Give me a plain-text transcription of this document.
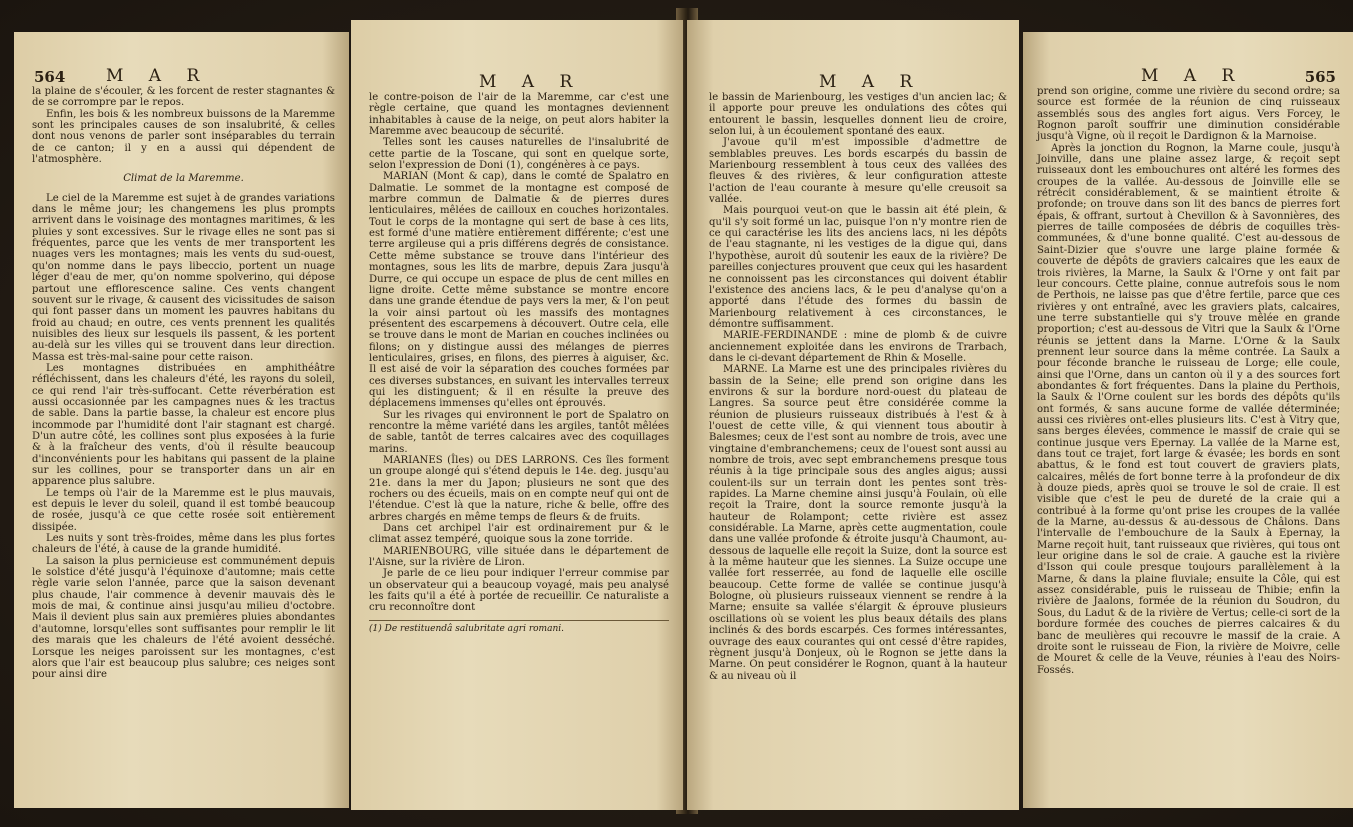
564 M A R

la plaine de s'écouler, & les forcent de rester stagnantes & de se corrompre par le repos.

Enfin, les bois & les nombreux buissons de la Maremme sont les principales causes de son insalubrité, & celles dont nous venons de parler sont inséparables du terrain de ce canton; il y en a aussi qui dépendent de l'atmosphère.

Climat de la Maremme.

Le ciel de la Maremme est sujet à de grandes variations dans le même jour; les changemens les plus prompts arrivent dans le voisinage des montagnes maritimes, & les pluies y sont excessives. Sur le rivage elles ne sont pas si fréquentes, parce que les vents de mer transportent les nuages vers les montagnes; mais les vents du sud-ouest, qu'on nomme dans le pays libeccio, portent un nuage léger d'eau de mer, qu'on nomme spolverino, qui dépose partout une efflorescence saline. Ces vents changent souvent sur le rivage, & causent des vicissitudes de saison qui font passer dans un moment les pauvres habitans du froid au chaud; en outre, ces vents prennent les qualités nuisibles des lieux sur lesquels ils passent, & les portent au-delà sur les villes qui se trouvent dans leur direction. Massa est très-mal-saine pour cette raison.

Les montagnes distribuées en amphithéâtre réfléchissent, dans les chaleurs d'été, les rayons du soleil, ce qui rend l'air très-suffocant. Cette réverbération est aussi occasionnée par les campagnes nues & les tractus de sable. Dans la partie basse, la chaleur est encore plus incommode par l'humidité dont l'air stagnant est chargé. D'un autre côté, les collines sont plus exposées à la furie & à la fraîcheur des vents, d'où il résulte beaucoup d'inconvénients pour les habitans qui passent de la plaine sur les collines, pour se transporter dans un air en apparence plus salubre.

Le temps où l'air de la Maremme est le plus mauvais, est depuis le lever du soleil, quand il est tombé beaucoup de rosée, jusqu'à ce que cette rosée soit entièrement dissipée.

Les nuits y sont très-froides, même dans les plus fortes chaleurs de l'été, à cause de la grande humidité.

La saison la plus pernicieuse est communément depuis le solstice d'été jusqu'à l'équinoxe d'automne; mais cette règle varie selon l'année, parce que la saison devenant plus chaude, l'air commence à devenir mauvais dès le mois de mai, & continue ainsi jusqu'au milieu d'octobre. Mais il devient plus sain aux premières pluies abondantes d'automne, lorsqu'elles sont suffisantes pour remplir le lit des marais que les chaleurs de l'été avoient desséché. Lorsque les neiges paroissent sur les montagnes, c'est alors que l'air est beaucoup plus salubre; ces neiges sont pour ainsi dire

M A R

le contre-poison de l'air de la Maremme, car c'est une règle certaine, que quand les montagnes deviennent inhabitables à cause de la neige, on peut alors habiter la Maremme avec beaucoup de sécurité.

Telles sont les causes naturelles de l'insalubrité de cette partie de la Toscane, qui sont en quelque sorte, selon l'expression de Doni (1), congénères à ce pays.

MARIAN (Mont & cap), dans le comté de Spalatro en Dalmatie. Le sommet de la montagne est composé de marbre commun de Dalmatie & de pierres dures lenticulaires, mêlées de cailloux en couches horizontales. Tout le corps de la montagne qui sert de base à ces lits, est formé d'une matière entièrement différente; c'est une terre argileuse qui a pris différens degrés de consistance. Cette même substance se trouve dans l'intérieur des montagnes, sous les lits de marbre, depuis Zara jusqu'à Durre, ce qui occupe un espace de plus de cent milles en ligne droite. Cette même substance se montre encore dans une grande étendue de pays vers la mer, & l'on peut la voir ainsi partout où les massifs des montagnes présentent des escarpemens à découvert. Outre cela, elle se trouve dans le mont de Marian en couches inclinées ou filons; on y distingue aussi des mélanges de pierres lenticulaires, grises, en filons, des pierres à aiguiser, &c. Il est aisé de voir la séparation des couches formées par ces diverses substances, en suivant les intervalles terreux qui les distinguent; & il en résulte la preuve des déplacemens immenses qu'elles ont éprouvés.

Sur les rivages qui environnent le port de Spalatro on rencontre la même variété dans les argiles, tantôt mêlées de sable, tantôt de terres calcaires avec des coquillages marins.

MARIANES (Îles) ou DES LARRONS. Ces îles forment un groupe alongé qui s'étend depuis le 14e. deg. jusqu'au 21e. dans la mer du Japon; plusieurs ne sont que des rochers ou des écueils, mais on en compte neuf qui ont de l'étendue. C'est là que la nature, riche & belle, offre des arbres chargés en même temps de fleurs & de fruits.

Dans cet archipel l'air est ordinairement pur & le climat assez tempéré, quoique sous la zone torride.

MARIENBOURG, ville située dans le département de l'Aisne, sur la rivière de Liron.

Je parle de ce lieu pour indiquer l'erreur commise par un observateur qui a beaucoup voyagé, mais peu analysé les faits qu'il a été à portée de recueillir. Ce naturaliste a cru reconnoître dont

(1) De restituendâ salubritate agri romani.
M A R

le bassin de Marienbourg, les vestiges d'un ancien lac; & il apporte pour preuve les ondulations des côtes qui entourent le bassin, lesquelles donnent lieu de croire, selon lui, à un écoulement spontané des eaux.

J'avoue qu'il m'est impossible d'admettre de semblables preuves. Les bords escarpés du bassin de Marienbourg ressemblent à tous ceux des vallées des fleuves & des rivières, & leur configuration atteste l'action de l'eau courante à mesure qu'elle creusoit sa vallée.

Mais pourquoi veut-on que le bassin ait été plein, & qu'il s'y soit formé un lac, puisque l'on n'y montre rien de ce qui caractérise les lits des anciens lacs, ni les dépôts de l'eau stagnante, ni les vestiges de la digue qui, dans l'hypothèse, auroit dû soutenir les eaux de la rivière? De pareilles conjectures prouvent que ceux qui les hasardent ne connoissent pas les circonstances qui doivent établir l'existence des anciens lacs, & le peu d'analyse qu'on a apporté dans l'étude des formes du bassin de Marienbourg relativement à ces circonstances, le démontre suffisamment.

MARIE-FERDINANDE : mine de plomb & de cuivre anciennement exploitée dans les environs de Trarbach, dans le ci-devant département de Rhin & Moselle.

MARNE. La Marne est une des principales rivières du bassin de la Seine; elle prend son origine dans les environs & sur la bordure nord-ouest du plateau de Langres. Sa source peut être considérée comme la réunion de plusieurs ruisseaux distribués à l'est & à l'ouest de cette ville, & qui viennent tous aboutir à Balesmes; ceux de l'est sont au nombre de trois, avec une vingtaine d'embranchemens; ceux de l'ouest sont aussi au nombre de trois, avec sept embranchemens presque tous réunis à la tige principale sous des angles aigus; aussi coulent-ils sur un terrain dont les pentes sont très-rapides. La Marne chemine ainsi jusqu'à Foulain, où elle reçoit la Traire, dont la source remonte jusqu'à la hauteur de Rolampont; cette rivière est assez considérable. La Marne, après cette augmentation, coule dans une vallée profonde & étroite jusqu'à Chaumont, au-dessous de laquelle elle reçoit la Suize, dont la source est à la même hauteur que les siennes. La Suize occupe une vallée fort resserrée, au fond de laquelle elle oscille beaucoup. Cette forme de vallée se continue jusqu'à Bologne, où plusieurs ruisseaux viennent se rendre à la Marne; ensuite sa vallée s'élargit & éprouve plusieurs oscillations où se voient les plus beaux détails des plans inclinés & des bords escarpés. Ces formes intéressantes, ouvrage des eaux courantes qui ont cessé d'être rapides, règnent jusqu'à Donjeux, où le Rognon se jette dans la Marne. On peut considérer le Rognon, quant à la hauteur & au niveau où il

M A R	565

prend son origine, comme une rivière du second ordre; sa source est formée de la réunion de cinq ruisseaux assemblés sous des angles fort aigus. Vers Forcey, le Rognon paroît souffrir une diminution considérable jusqu'à Vigne, où il reçoit le Dardignon & la Marnoise.

Après la jonction du Rognon, la Marne coule, jusqu'à Joinville, dans une plaine assez large, & reçoit sept ruisseaux dont les embouchures ont altéré les formes des croupes de la vallée. Au-dessous de Joinville elle se rétrécit considérablement, & se maintient étroite & profonde; on trouve dans son lit des bancs de pierres fort épais, & offrant, surtout à Chevillon & à Savonnières, des pierres de taille composées de débris de coquilles très-communées, & d'une bonne qualité. C'est au-dessous de Saint-Dizier que s'ouvre une large plaine formée & couverte de dépôts de graviers calcaires que les eaux de trois rivières, la Marne, la Saulx & l'Orne y ont fait par leur concours. Cette plaine, connue autrefois sous le nom de Perthois, ne laisse pas que d'être fertile, parce que ces rivières y ont entraîné, avec les graviers plats, calcaires, une terre substantielle qui s'y trouve mêlée en grande proportion; c'est au-dessous de Vitri que la Saulx & l'Orne réunis se jettent dans la Marne. L'Orne & la Saulx prennent leur source dans la même contrée. La Saulx a pour féconde branche le ruisseau de Lorge; elle coule, ainsi que l'Orne, dans un canton où il y a des sources fort abondantes & fort fréquentes. Dans la plaine du Perthois, la Saulx & l'Orne coulent sur les bords des dépôts qu'ils ont formés, & sans aucune forme de vallée déterminée; aussi ces rivières ont-elles plusieurs lits. C'est à Vitry que, sans berges élevées, commence le massif de craie qui se continue jusque vers Epernay. La vallée de la Marne est, dans tout ce trajet, fort large & évasée; les bords en sont abattus, & le fond est tout couvert de graviers plats, calcaires, mêlés de fort bonne terre à la profondeur de dix à douze pieds, après quoi se trouve le sol de craie. Il est visible que c'est le peu de dureté de la craie qui a contribué à la forme qu'ont prise les croupes de la vallée de la Marne, au-dessus & au-dessous de Châlons. Dans l'intervalle de l'embouchure de la Saulx à Epernay, la Marne reçoit huit, tant ruisseaux que rivières, qui tous ont leur origine dans le sol de craie. A gauche est la rivière d'Isson qui coule presque toujours parallèlement à la Marne, & dans la plaine fluviale; ensuite la Côle, qui est assez considérable, puis le ruisseau de Thibie; enfin la rivière de Jaalons, formée de la réunion du Soudron, du Sous, du Ladut & de la rivière de Vertus; celle-ci sort de la bordure formée des couches de pierres calcaires & du banc de meulières qui recouvre le massif de la craie. A droite sont le ruisseau de Fion, la rivière de Moivre, celle de Mouret & celle de la Veuve, réunies à l'eau des Noirs-Fossés.
